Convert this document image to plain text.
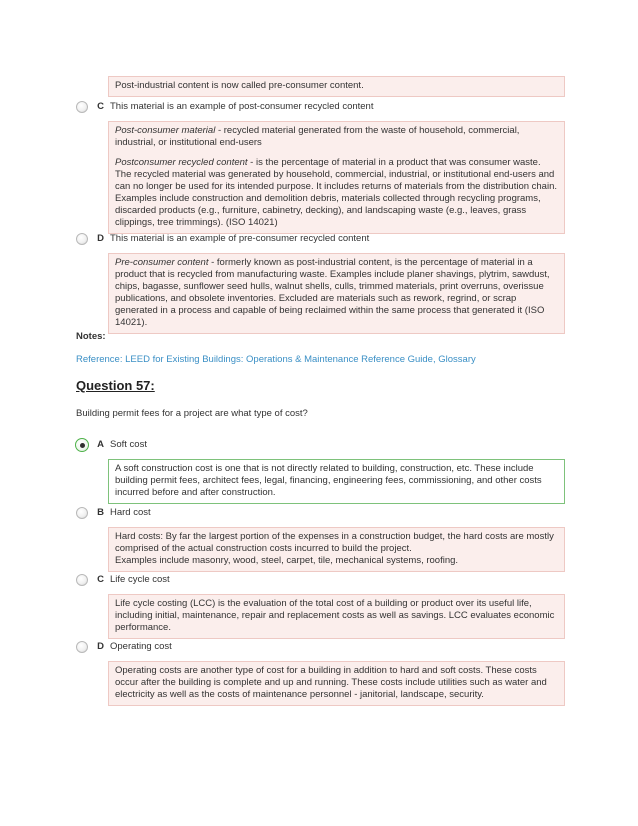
Post-industrial content is now called pre-consumer content.

C This material is an example of post-consumer recycled content

Post-consumer material - recycled material generated from the waste of household, commercial, industrial, or institutional end-users

Postconsumer recycled content - is the percentage of material in a product that was consumer waste. The recycled material was generated by household, commercial, industrial, or institutional end-users and can no longer be used for its intended purpose. It includes returns of materials from the distribution chain. Examples include construction and demolition debris, materials collected through recycling programs, discarded products (e.g., furniture, cabinetry, decking), and landscaping waste (e.g., leaves, grass clippings, tree trimmings). (ISO 14021)

D This material is an example of pre-consumer recycled content

Pre-consumer content - formerly known as post-industrial content, is the percentage of material in a product that is recycled from manufacturing waste. Examples include planer shavings, plytrim, sawdust, chips, bagasse, sunflower seed hulls, walnut shells, culls, trimmed materials, print overruns, overissue publications, and obsolete inventories. Excluded are materials such as rework, regrind, or scrap generated in a process and capable of being reclaimed within the same process that generated it (ISO 14021).

Notes:
Reference: LEED for Existing Buildings: Operations & Maintenance Reference Guide, Glossary
Question 57:
Building permit fees for a project are what type of cost?
A Soft cost

A soft construction cost is one that is not directly related to building, construction, etc. These include building permit fees, architect fees, legal, financing, engineering fees, commissioning, and other costs incurred before and after construction.

B Hard cost

Hard costs: By far the largest portion of the expenses in a construction budget, the hard costs are mostly comprised of the actual construction costs incurred to build the project.

Examples include masonry, wood, steel, carpet, tile, mechanical systems, roofing.

C Life cycle cost

Life cycle costing (LCC) is the evaluation of the total cost of a building or product over its useful life, including initial, maintenance, repair and replacement costs as well as savings. LCC evaluates economic performance.

D Operating cost

Operating costs are another type of cost for a building in addition to hard and soft costs. These costs occur after the building is complete and up and running. These costs include utilities such as water and electricity as well as the costs of maintenance personnel - janitorial, landscape, security.
